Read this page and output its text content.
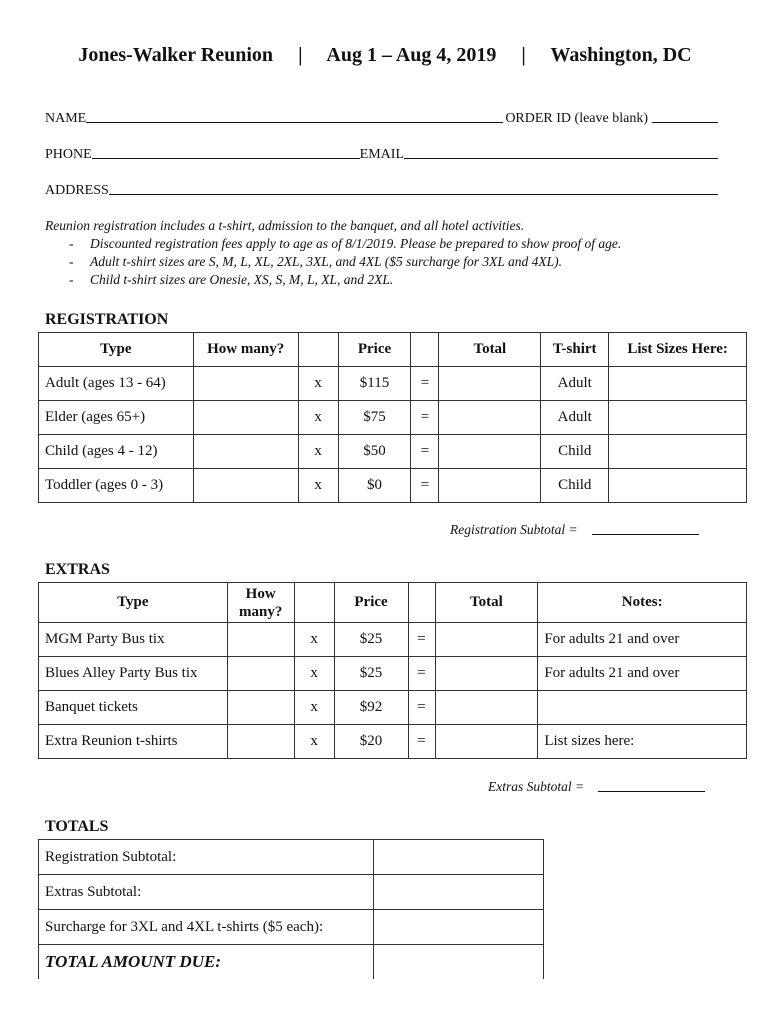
Jones-Walker Reunion | Aug 1 – Aug 4, 2019 | Washington, DC
NAME	ORDER ID (leave blank)
PHONE	EMAIL
ADDRESS
Reunion registration includes a t-shirt, admission to the banquet, and all hotel activities.
- Discounted registration fees apply to age as of 8/1/2019. Please be prepared to show proof of age.
- Adult t-shirt sizes are S, M, L, XL, 2XL, 3XL, and 4XL ($5 surcharge for 3XL and 4XL).
- Child t-shirt sizes are Onesie, XS, S, M, L, XL, and 2XL.
REGISTRATION
Type	How many?		Price		Total	T-shirt	List Sizes Here:
Adult (ages 13 - 64)		x	$115	=		Adult	
Elder (ages 65+)		x	$75	=		Adult	
Child (ages 4 - 12)		x	$50	=		Child	
Toddler (ages 0 - 3)		x	$0	=		Child	
Registration Subtotal =
EXTRAS
Type	How many?		Price		Total	Notes:
MGM Party Bus tix		x	$25	=		For adults 21 and over
Blues Alley Party Bus tix		x	$25	=		For adults 21 and over
Banquet tickets		x	$92	=		
Extra Reunion t-shirts		x	$20	=		List sizes here:
Extras Subtotal =
TOTALS
Registration Subtotal:	
Extras Subtotal:	
Surcharge for 3XL and 4XL t-shirts ($5 each):	
TOTAL AMOUNT DUE:	
